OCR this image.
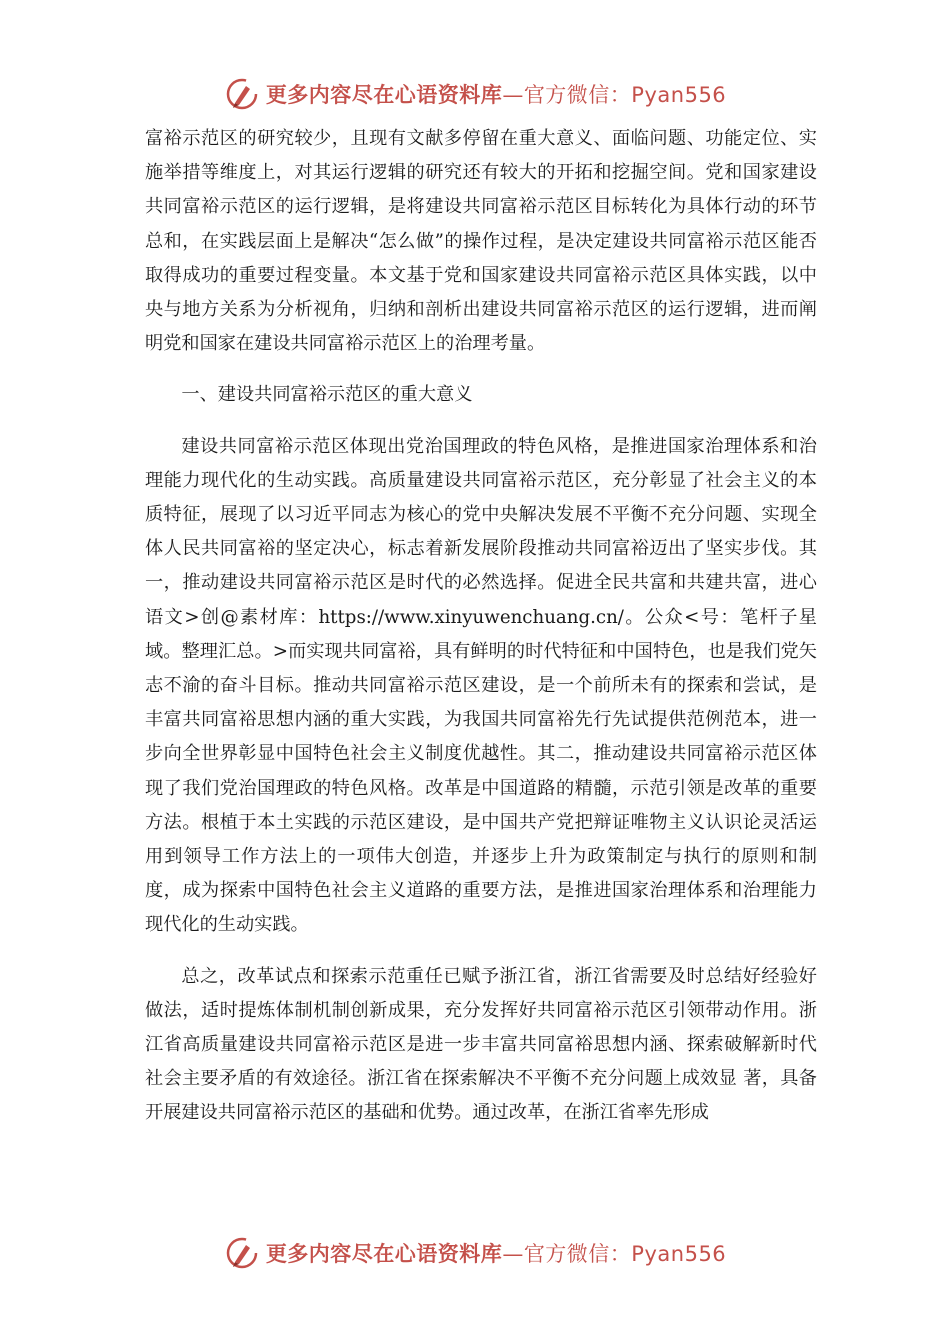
更多内容尽在心语资料库—官方微信：Pyan556

富裕示范区的研究较少，且现有文献多停留在重大意义、面临问题、功能定位、实施举措等维度上，对其运行逻辑的研究还有较大的开拓和挖掘空间。党和国家建设共同富裕示范区的运行逻辑，是将建设共同富裕示范区目标转化为具体行动的环节总和，在实践层面上是解决“怎么做”的操作过程，是决定建设共同富裕示范区能否取得成功的重要过程变量。本文基于党和国家建设共同富裕示范区具体实践，以中央与地方关系为分析视角，归纳和剖析出建设共同富裕示范区的运行逻辑，进而阐明党和国家在建设共同富裕示范区上的治理考量。

一、建设共同富裕示范区的重大意义

建设共同富裕示范区体现出党治国理政的特色风格，是推进国家治理体系和治理能力现代化的生动实践。高质量建设共同富裕示范区，充分彰显了社会主义的本质特征，展现了以习近平同志为核心的党中央解决发展不平衡不充分问题、实现全体人民共同富裕的坚定决心，标志着新发展阶段推动共同富裕迈出了坚实步伐。其一，推动建设共同富裕示范区是时代的必然选择。促进全民共富和共建共富，进心语文>创@素材库：https://www.xinyuwenchuang.cn/。公众<号：笔杆子星域。整理汇总。>而实现共同富裕，具有鲜明的时代特征和中国特色，也是我们党矢志不渝的奋斗目标。推动共同富裕示范区建设，是一个前所未有的探索和尝试，是丰富共同富裕思想内涵的重大实践，为我国共同富裕先行先试提供范例范本，进一步向全世界彰显中国特色社会主义制度优越性。其二，推动建设共同富裕示范区体现了我们党治国理政的特色风格。改革是中国道路的精髓，示范引领是改革的重要方法。根植于本土实践的示范区建设，是中国共产党把辩证唯物主义认识论灵活运用到领导工作方法上的一项伟大创造，并逐步上升为政策制定与执行的原则和制度，成为探索中国特色社会主义道路的重要方法，是推进国家治理体系和治理能力现代化的生动实践。

总之，改革试点和探索示范重任已赋予浙江省，浙江省需要及时总结好经验好做法，适时提炼体制机制创新成果，充分发挥好共同富裕示范区引领带动作用。浙江省高质量建设共同富裕示范区是进一步丰富共同富裕思想内涵、探索破解新时代社会主要矛盾的有效途径。浙江省在探索解决不平衡不充分问题上成效显 著，具备开展建设共同富裕示范区的基础和优势。通过改革，在浙江省率先形成

更多内容尽在心语资料库—官方微信：Pyan556
